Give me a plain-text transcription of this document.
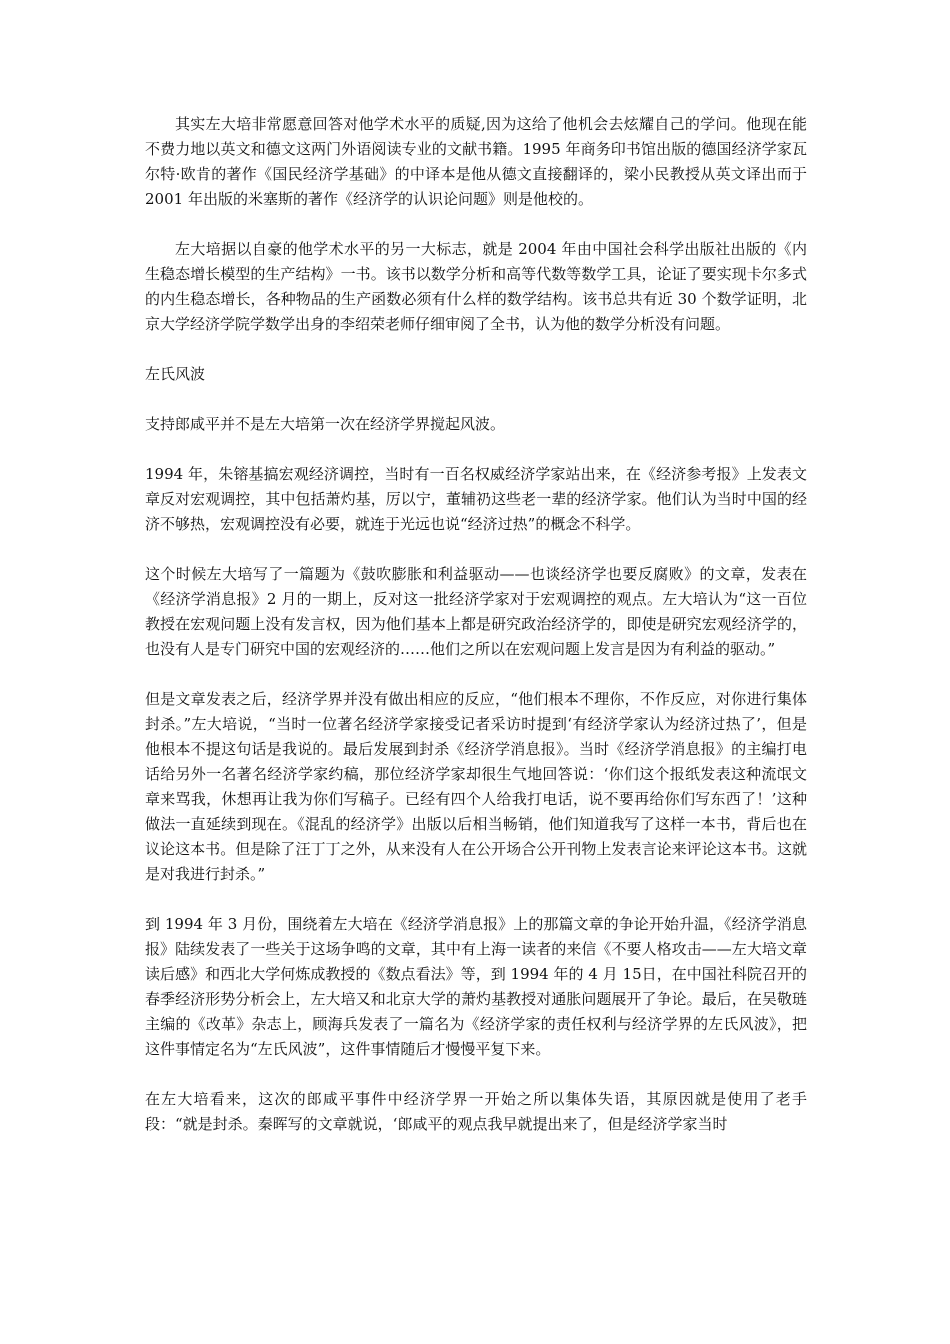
其实左大培非常愿意回答对他学术水平的质疑,因为这给了他机会去炫耀自己的学问。他现在能不费力地以英文和德文这两门外语阅读专业的文献书籍。1995 年商务印书馆出版的德国经济学家瓦尔特·欧肯的著作《国民经济学基础》的中译本是他从德文直接翻译的，梁小民教授从英文译出而于 2001 年出版的米塞斯的著作《经济学的认识论问题》则是他校的。

左大培据以自豪的他学术水平的另一大标志，就是 2004 年由中国社会科学出版社出版的《内生稳态增长模型的生产结构》一书。该书以数学分析和高等代数等数学工具，论证了要实现卡尔多式的内生稳态增长，各种物品的生产函数必须有什么样的数学结构。该书总共有近 30 个数学证明，北京大学经济学院学数学出身的李绍荣老师仔细审阅了全书，认为他的数学分析没有问题。

左氏风波

支持郎咸平并不是左大培第一次在经济学界搅起风波。

1994 年，朱镕基搞宏观经济调控，当时有一百名权威经济学家站出来，在《经济参考报》上发表文章反对宏观调控，其中包括萧灼基，厉以宁，董辅礽这些老一辈的经济学家。他们认为当时中国的经济不够热，宏观调控没有必要，就连于光远也说“经济过热”的概念不科学。

这个时候左大培写了一篇题为《鼓吹膨胀和利益驱动——也谈经济学也要反腐败》的文章，发表在《经济学消息报》2 月的一期上，反对这一批经济学家对于宏观调控的观点。左大培认为“这一百位教授在宏观问题上没有发言权，因为他们基本上都是研究政治经济学的，即使是研究宏观经济学的，也没有人是专门研究中国的宏观经济的……他们之所以在宏观问题上发言是因为有利益的驱动。”

但是文章发表之后，经济学界并没有做出相应的反应，“他们根本不理你，不作反应，对你进行集体封杀。”左大培说，“当时一位著名经济学家接受记者采访时提到‘有经济学家认为经济过热了’，但是他根本不提这句话是我说的。最后发展到封杀《经济学消息报》。当时《经济学消息报》的主编打电话给另外一名著名经济学家约稿，那位经济学家却很生气地回答说：‘你们这个报纸发表这种流氓文章来骂我，休想再让我为你们写稿子。已经有四个人给我打电话，说不要再给你们写东西了！’这种做法一直延续到现在。《混乱的经济学》出版以后相当畅销，他们知道我写了这样一本书，背后也在议论这本书。但是除了汪丁丁之外，从来没有人在公开场合公开刊物上发表言论来评论这本书。这就是对我进行封杀。”

到 1994 年 3 月份，围绕着左大培在《经济学消息报》上的那篇文章的争论开始升温，《经济学消息报》陆续发表了一些关于这场争鸣的文章，其中有上海一读者的来信《不要人格攻击——左大培文章读后感》和西北大学何炼成教授的《数点看法》等，到 1994 年的 4 月 15日，在中国社科院召开的春季经济形势分析会上，左大培又和北京大学的萧灼基教授对通胀问题展开了争论。最后，在吴敬琏主编的《改革》杂志上，顾海兵发表了一篇名为《经济学家的责任权利与经济学界的左氏风波》，把这件事情定名为“左氏风波”，这件事情随后才慢慢平复下来。

在左大培看来，这次的郎咸平事件中经济学界一开始之所以集体失语，其原因就是使用了老手段：“就是封杀。秦晖写的文章就说，‘郎咸平的观点我早就提出来了，但是经济学家当时
